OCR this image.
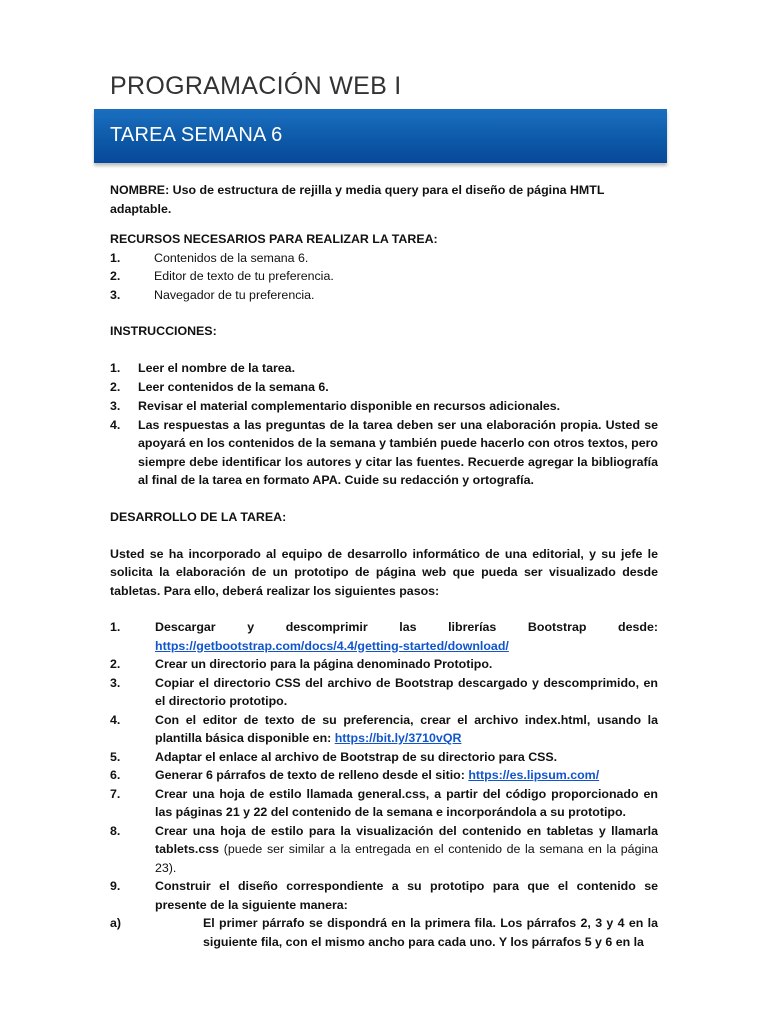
PROGRAMACIÓN WEB I
TAREA SEMANA 6

NOMBRE: Uso de estructura de rejilla y media query para el diseño de página HMTL adaptable.

RECURSOS NECESARIOS PARA REALIZAR LA TAREA:

1.	Contenidos de la semana 6.
2.	Editor de texto de tu preferencia.
3.	Navegador de tu preferencia.

INSTRUCCIONES:

1. Leer el nombre de la tarea.
2. Leer contenidos de la semana 6.
3. Revisar el material complementario disponible en recursos adicionales.
4. Las respuestas a las preguntas de la tarea deben ser una elaboración propia. Usted se apoyará en los contenidos de la semana y también puede hacerlo con otros textos, pero siempre debe identificar los autores y citar las fuentes. Recuerde agregar la bibliografía al final de la tarea en formato APA. Cuide su redacción y ortografía.

DESARROLLO DE LA TAREA:

Usted se ha incorporado al equipo de desarrollo informático de una editorial, y su jefe le solicita la elaboración de un prototipo de página web que pueda ser visualizado desde tabletas. Para ello, deberá realizar los siguientes pasos:

1.	Descargar y descomprimir las librerías Bootstrap desde: https://getbootstrap.com/docs/4.4/getting-started/download/
2.	Crear un directorio para la página denominado Prototipo.
3.	Copiar el directorio CSS del archivo de Bootstrap descargado y descomprimido, en el directorio prototipo.
4.	Con el editor de texto de su preferencia, crear el archivo index.html, usando la plantilla básica disponible en: https://bit.ly/3710vQR
5.	Adaptar el enlace al archivo de Bootstrap de su directorio para CSS.
6.	Generar 6 párrafos de texto de relleno desde el sitio: https://es.lipsum.com/
7.	Crear una hoja de estilo llamada general.css, a partir del código proporcionado en las páginas 21 y 22 del contenido de la semana e incorporándola a su prototipo.
8.	Crear una hoja de estilo para la visualización del contenido en tabletas y llamarla tablets.css (puede ser similar a la entregada en el contenido de la semana en la página 23).
9.	Construir el diseño correspondiente a su prototipo para que el contenido se presente de la siguiente manera:
a)	El primer párrafo se dispondrá en la primera fila. Los párrafos 2, 3 y 4 en la siguiente fila, con el mismo ancho para cada uno. Y los párrafos 5 y 6 en la
